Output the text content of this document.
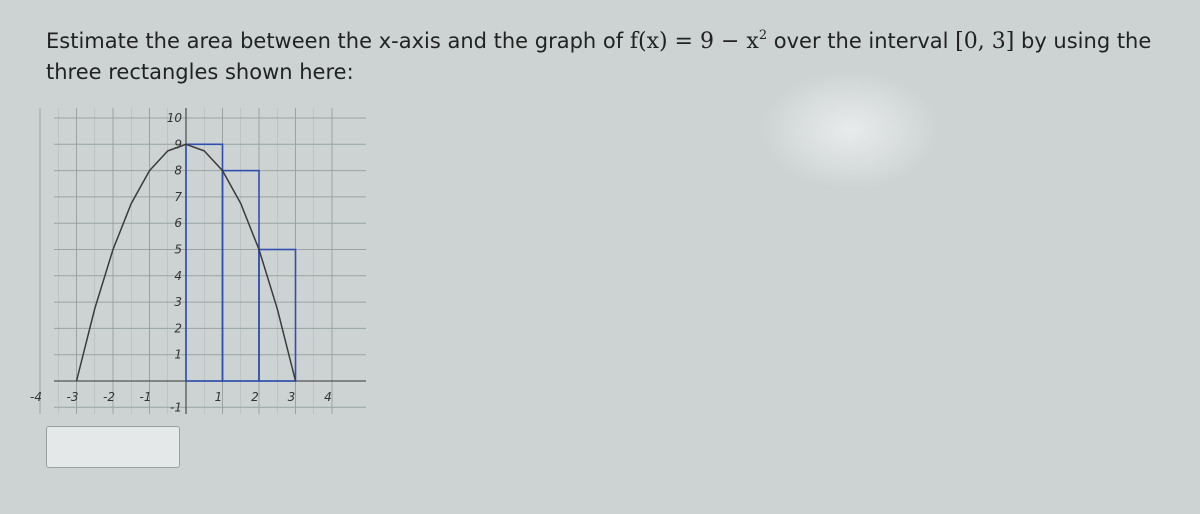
Estimate the area between the x-axis and the graph of $f(x) = 9 - x^2$ over the interval [0, 3] by using the three rectangles shown here:
-4 -3 -2 -1	1 2 3 4
10
9
8
7
6
5
4
3
2
1
-1
